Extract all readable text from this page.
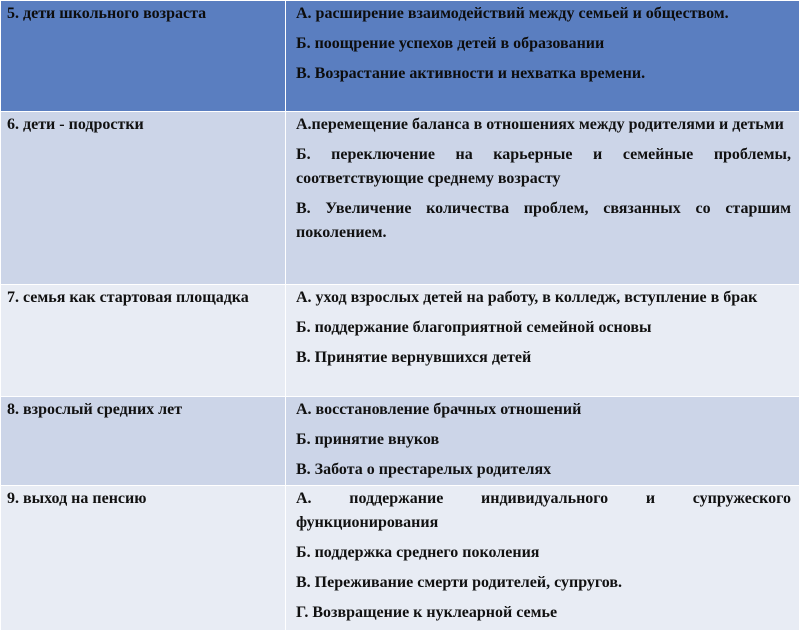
5. дети школьного возраста	А. расширение взаимодействий между семьей и обществом.
Б. поощрение успехов детей в образовании
В. Возрастание активности и нехватка времени.

6. дети - подростки	А.перемещение баланса в отношениях между родителями и детьми
Б. переключение на карьерные и семейные проблемы, соответствующие среднему возрасту
В. Увеличение количества проблем, связанных со старшим поколением.

7. семья как стартовая площадка	А. уход взрослых детей на работу, в колледж, вступление в брак
Б. поддержание благоприятной семейной основы
В. Принятие вернувшихся детей

8. взрослый средних лет	А. восстановление брачных отношений
Б. принятие внуков
В. Забота о престарелых родителях

9. выход на пенсию	А. поддержание индивидуального и супружеского функционирования
Б. поддержка среднего поколения
В. Переживание смерти родителей, супругов.
Г. Возвращение к нуклеарной семье
